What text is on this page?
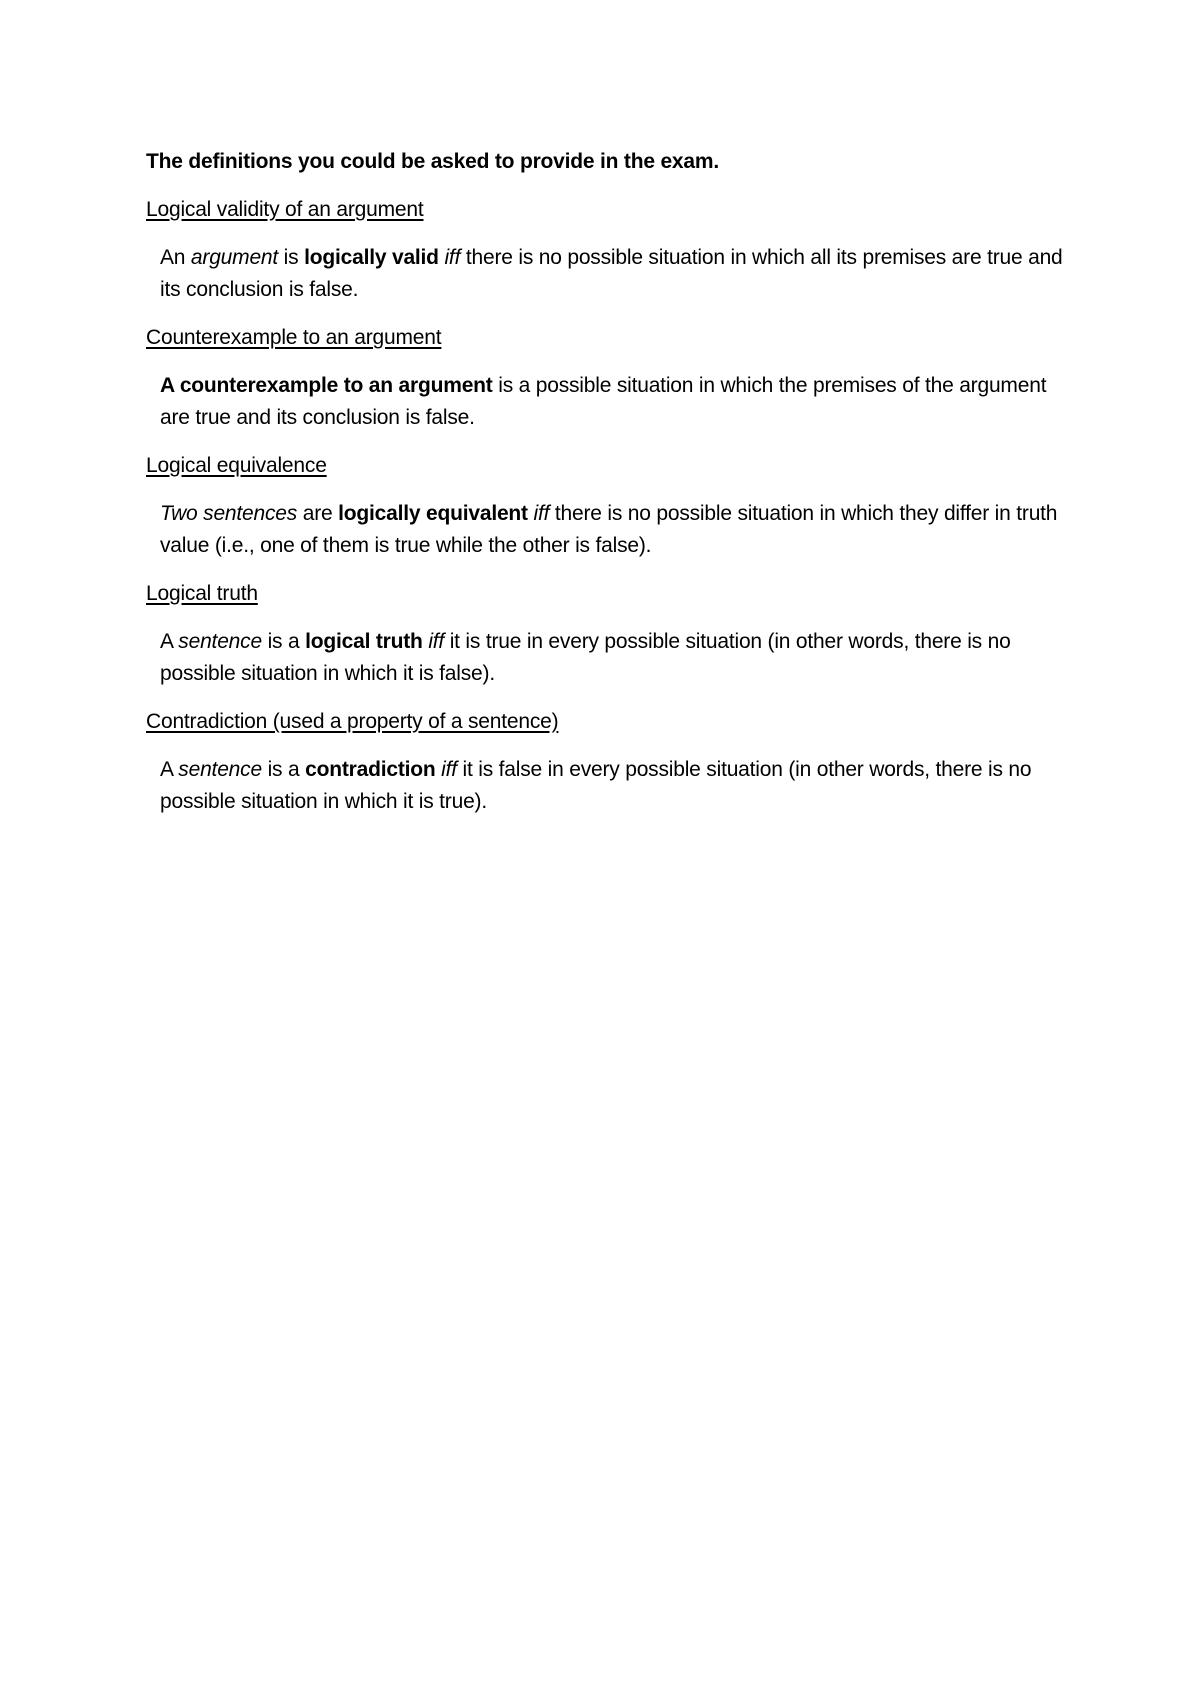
The definitions you could be asked to provide in the exam.
Logical validity of an argument
An argument is logically valid iff there is no possible situation in which all its premises are true and its conclusion is false.
Counterexample to an argument
A counterexample to an argument is a possible situation in which the premises of the argument are true and its conclusion is false.
Logical equivalence
Two sentences are logically equivalent iff there is no possible situation in which they differ in truth value (i.e., one of them is true while the other is false).
Logical truth
A sentence is a logical truth iff it is true in every possible situation (in other words, there is no possible situation in which it is false).
Contradiction (used a property of a sentence)
A sentence is a contradiction iff it is false in every possible situation (in other words, there is no possible situation in which it is true).
